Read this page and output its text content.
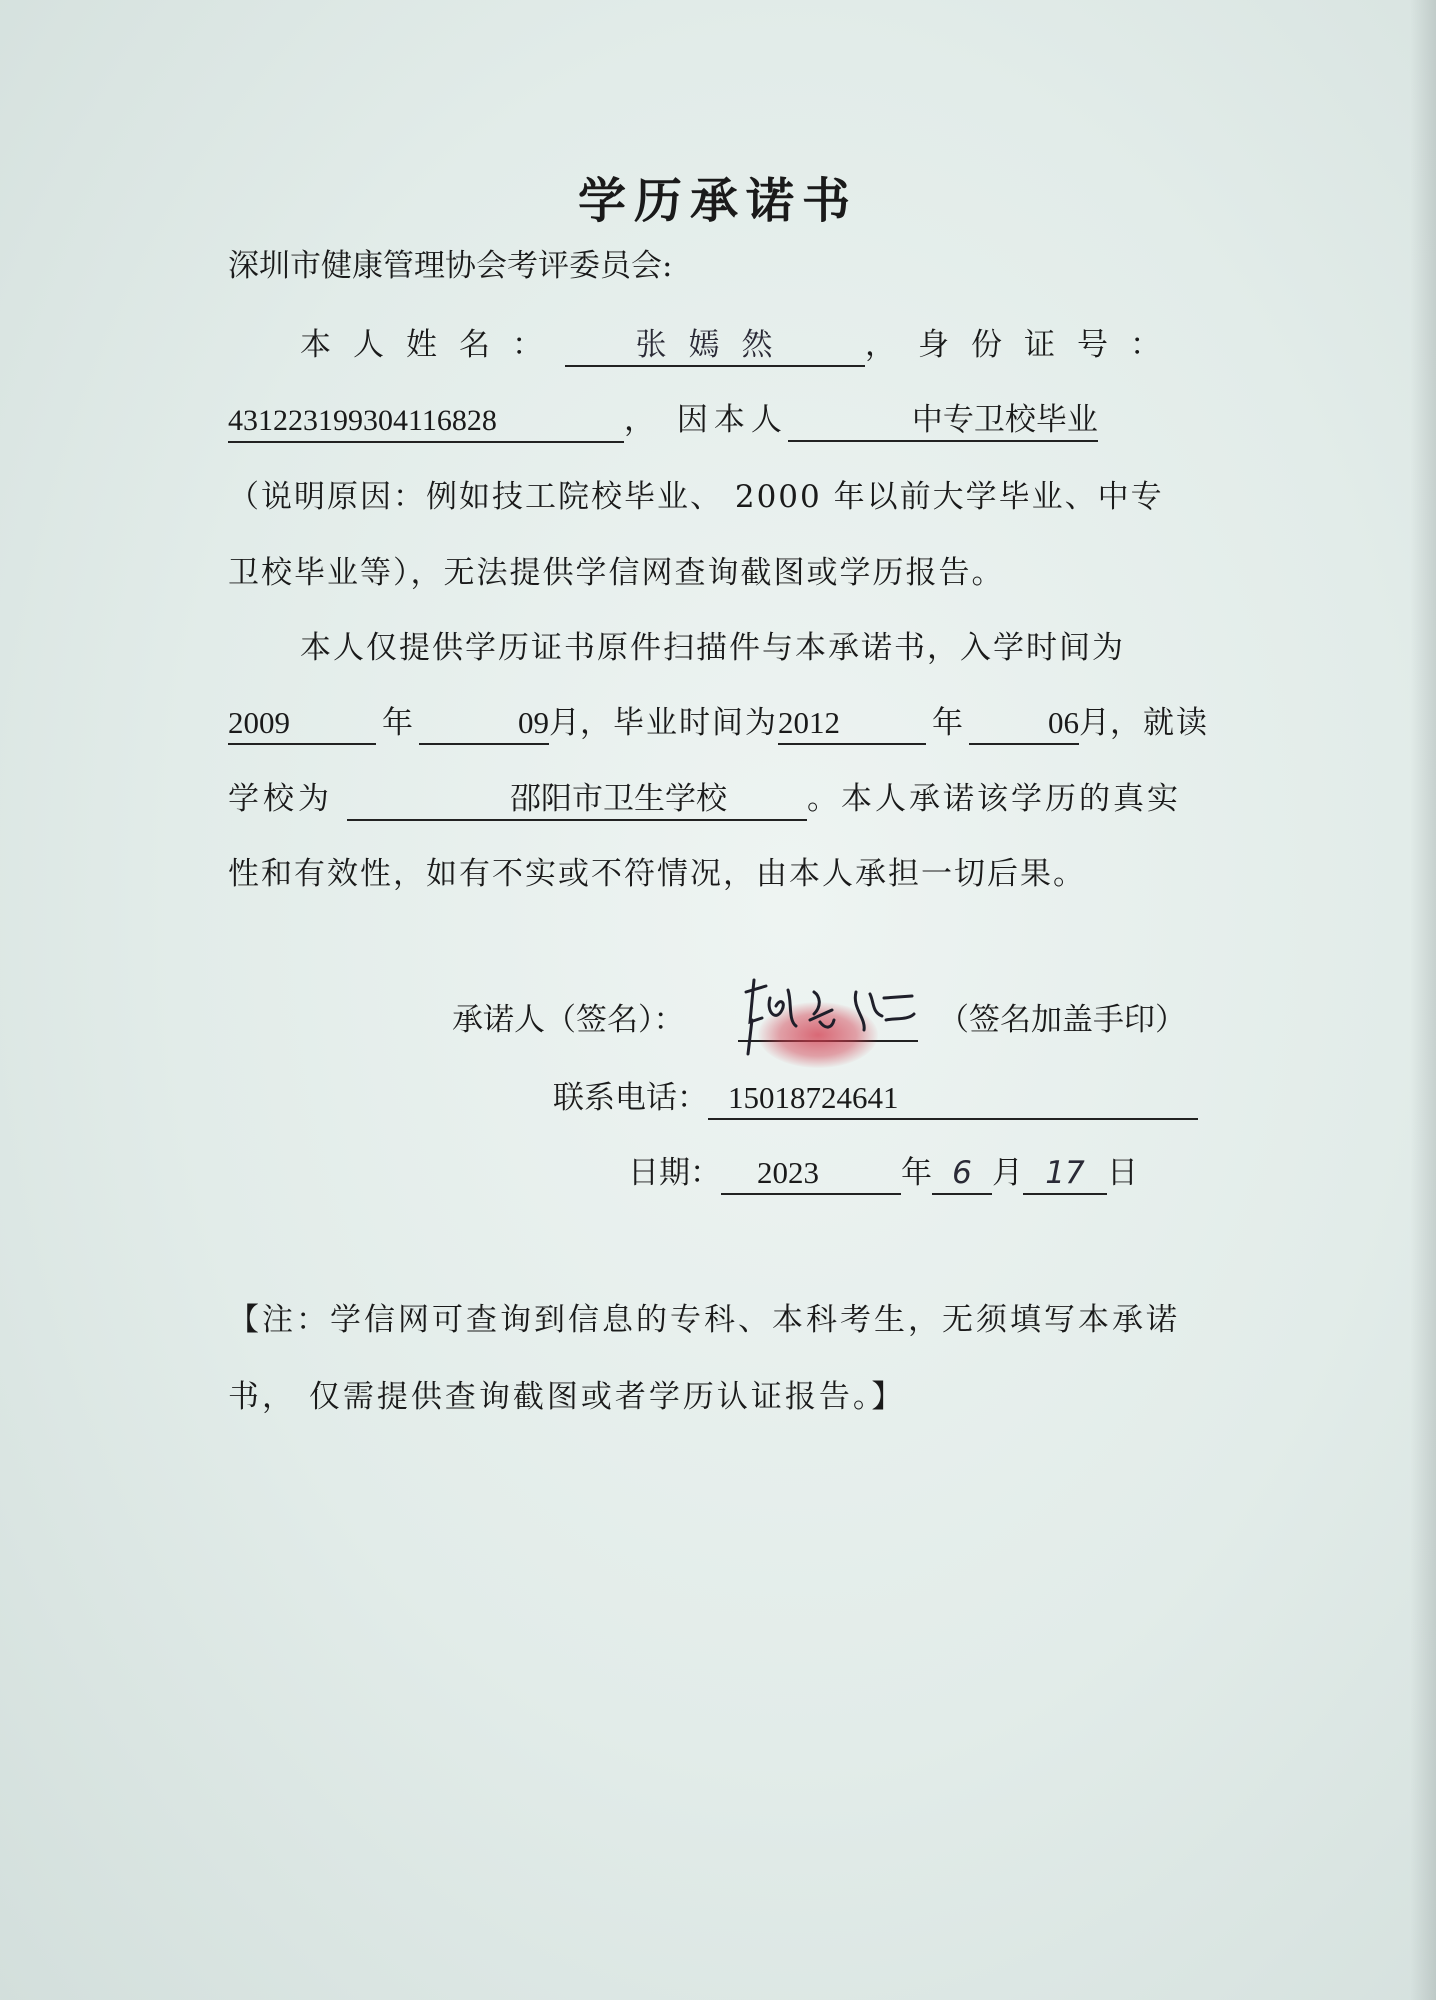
学历承诺书
深圳市健康管理协会考评委员会:
本人姓名： 张嫣然 ，身份证号：
431223199304116828	， 因本人	中专卫校毕业
（说明原因：例如技工院校毕业、 2000 年以前大学毕业、中专
卫校毕业等），无法提供学信网查询截图或学历报告。
本人仅提供学历证书原件扫描件与本承诺书，入学时间为
2009	年	09月，毕业时间为2012	年	06月，就读
学校为	邵阳市卫生学校	。本人承诺该学历的真实
性和有效性，如有不实或不符情况，由本人承担一切后果。
承诺人（签名）：	（签名加盖手印）
联系电话： 15018724641
日期： 2023	年 6 月 17 日
【注：学信网可查询到信息的专科、本科考生，无须填写本承诺
书， 仅需提供查询截图或者学历认证报告。】
